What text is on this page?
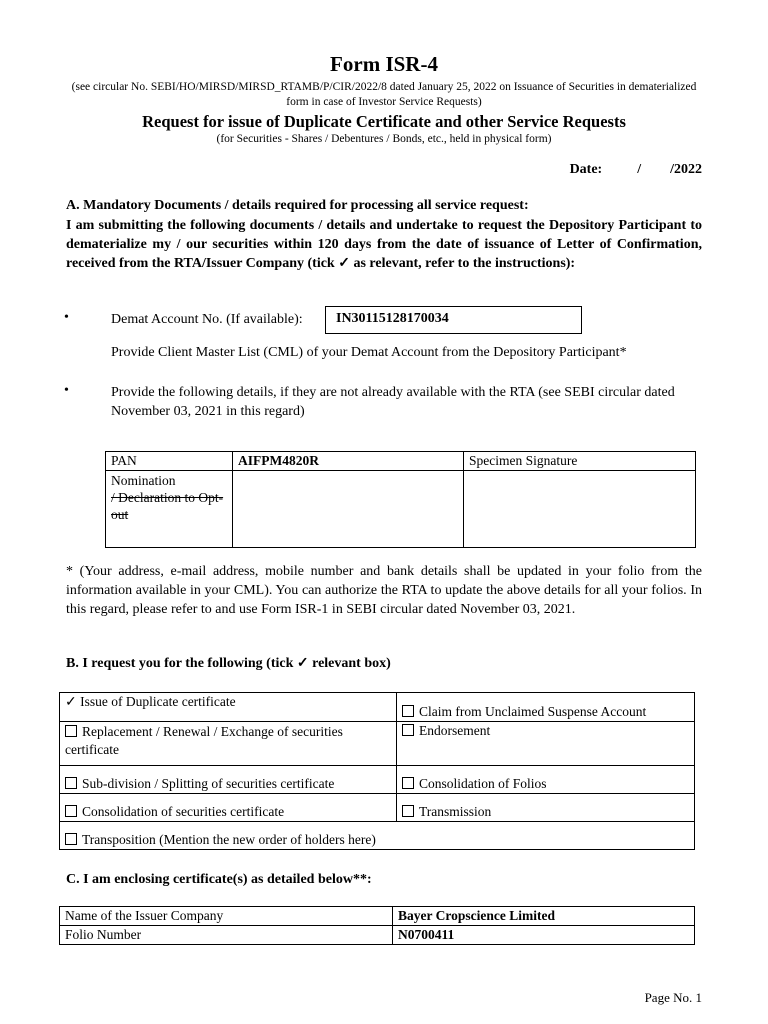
Form ISR-4
(see circular No. SEBI/HO/MIRSD/MIRSD_RTAMB/P/CIR/2022/8 dated January 25, 2022 on Issuance of Securities in dematerialized form in case of Investor Service Requests)
Request for issue of Duplicate Certificate and other Service Requests
(for Securities - Shares / Debentures / Bonds, etc., held in physical form)
Date:	/ /2022
A. Mandatory Documents / details required for processing all service request:
I am submitting the following documents / details and undertake to request the Depository Participant to dematerialize my / our securities within 120 days from the date of issuance of Letter of Confirmation, received from the RTA/Issuer Company (tick ✓ as relevant, refer to the instructions):
•	Demat Account No. (If available):	IN30115128170034
Provide Client Master List (CML) of your Demat Account from the Depository Participant*
•	Provide the following details, if they are not already available with the RTA (see SEBI circular dated November 03, 2021 in this regard)
PAN	AIFPM4820R	Specimen Signature

Nomination
/ Declaration to Opt-out		

* (Your address, e-mail address, mobile number and bank details shall be updated in your folio from the information available in your CML). You can authorize the RTA to update the above details for all your folios. In this regard, please refer to and use Form ISR-1 in SEBI circular dated November 03, 2021.
B. I request you for the following (tick ✓ relevant box)
✓ Issue of Duplicate certificate	Claim from Unclaimed Suspense Account
Replacement / Renewal / Exchange of securities certificate	Endorsement
Sub-division / Splitting of securities certificate	Consolidation of Folios
Consolidation of securities certificate	Transmission
Transposition (Mention the new order of holders here)	
C. I am enclosing certificate(s) as detailed below**:
Name of the Issuer Company	Bayer Cropscience Limited
Folio Number	N0700411
Page No. 1
